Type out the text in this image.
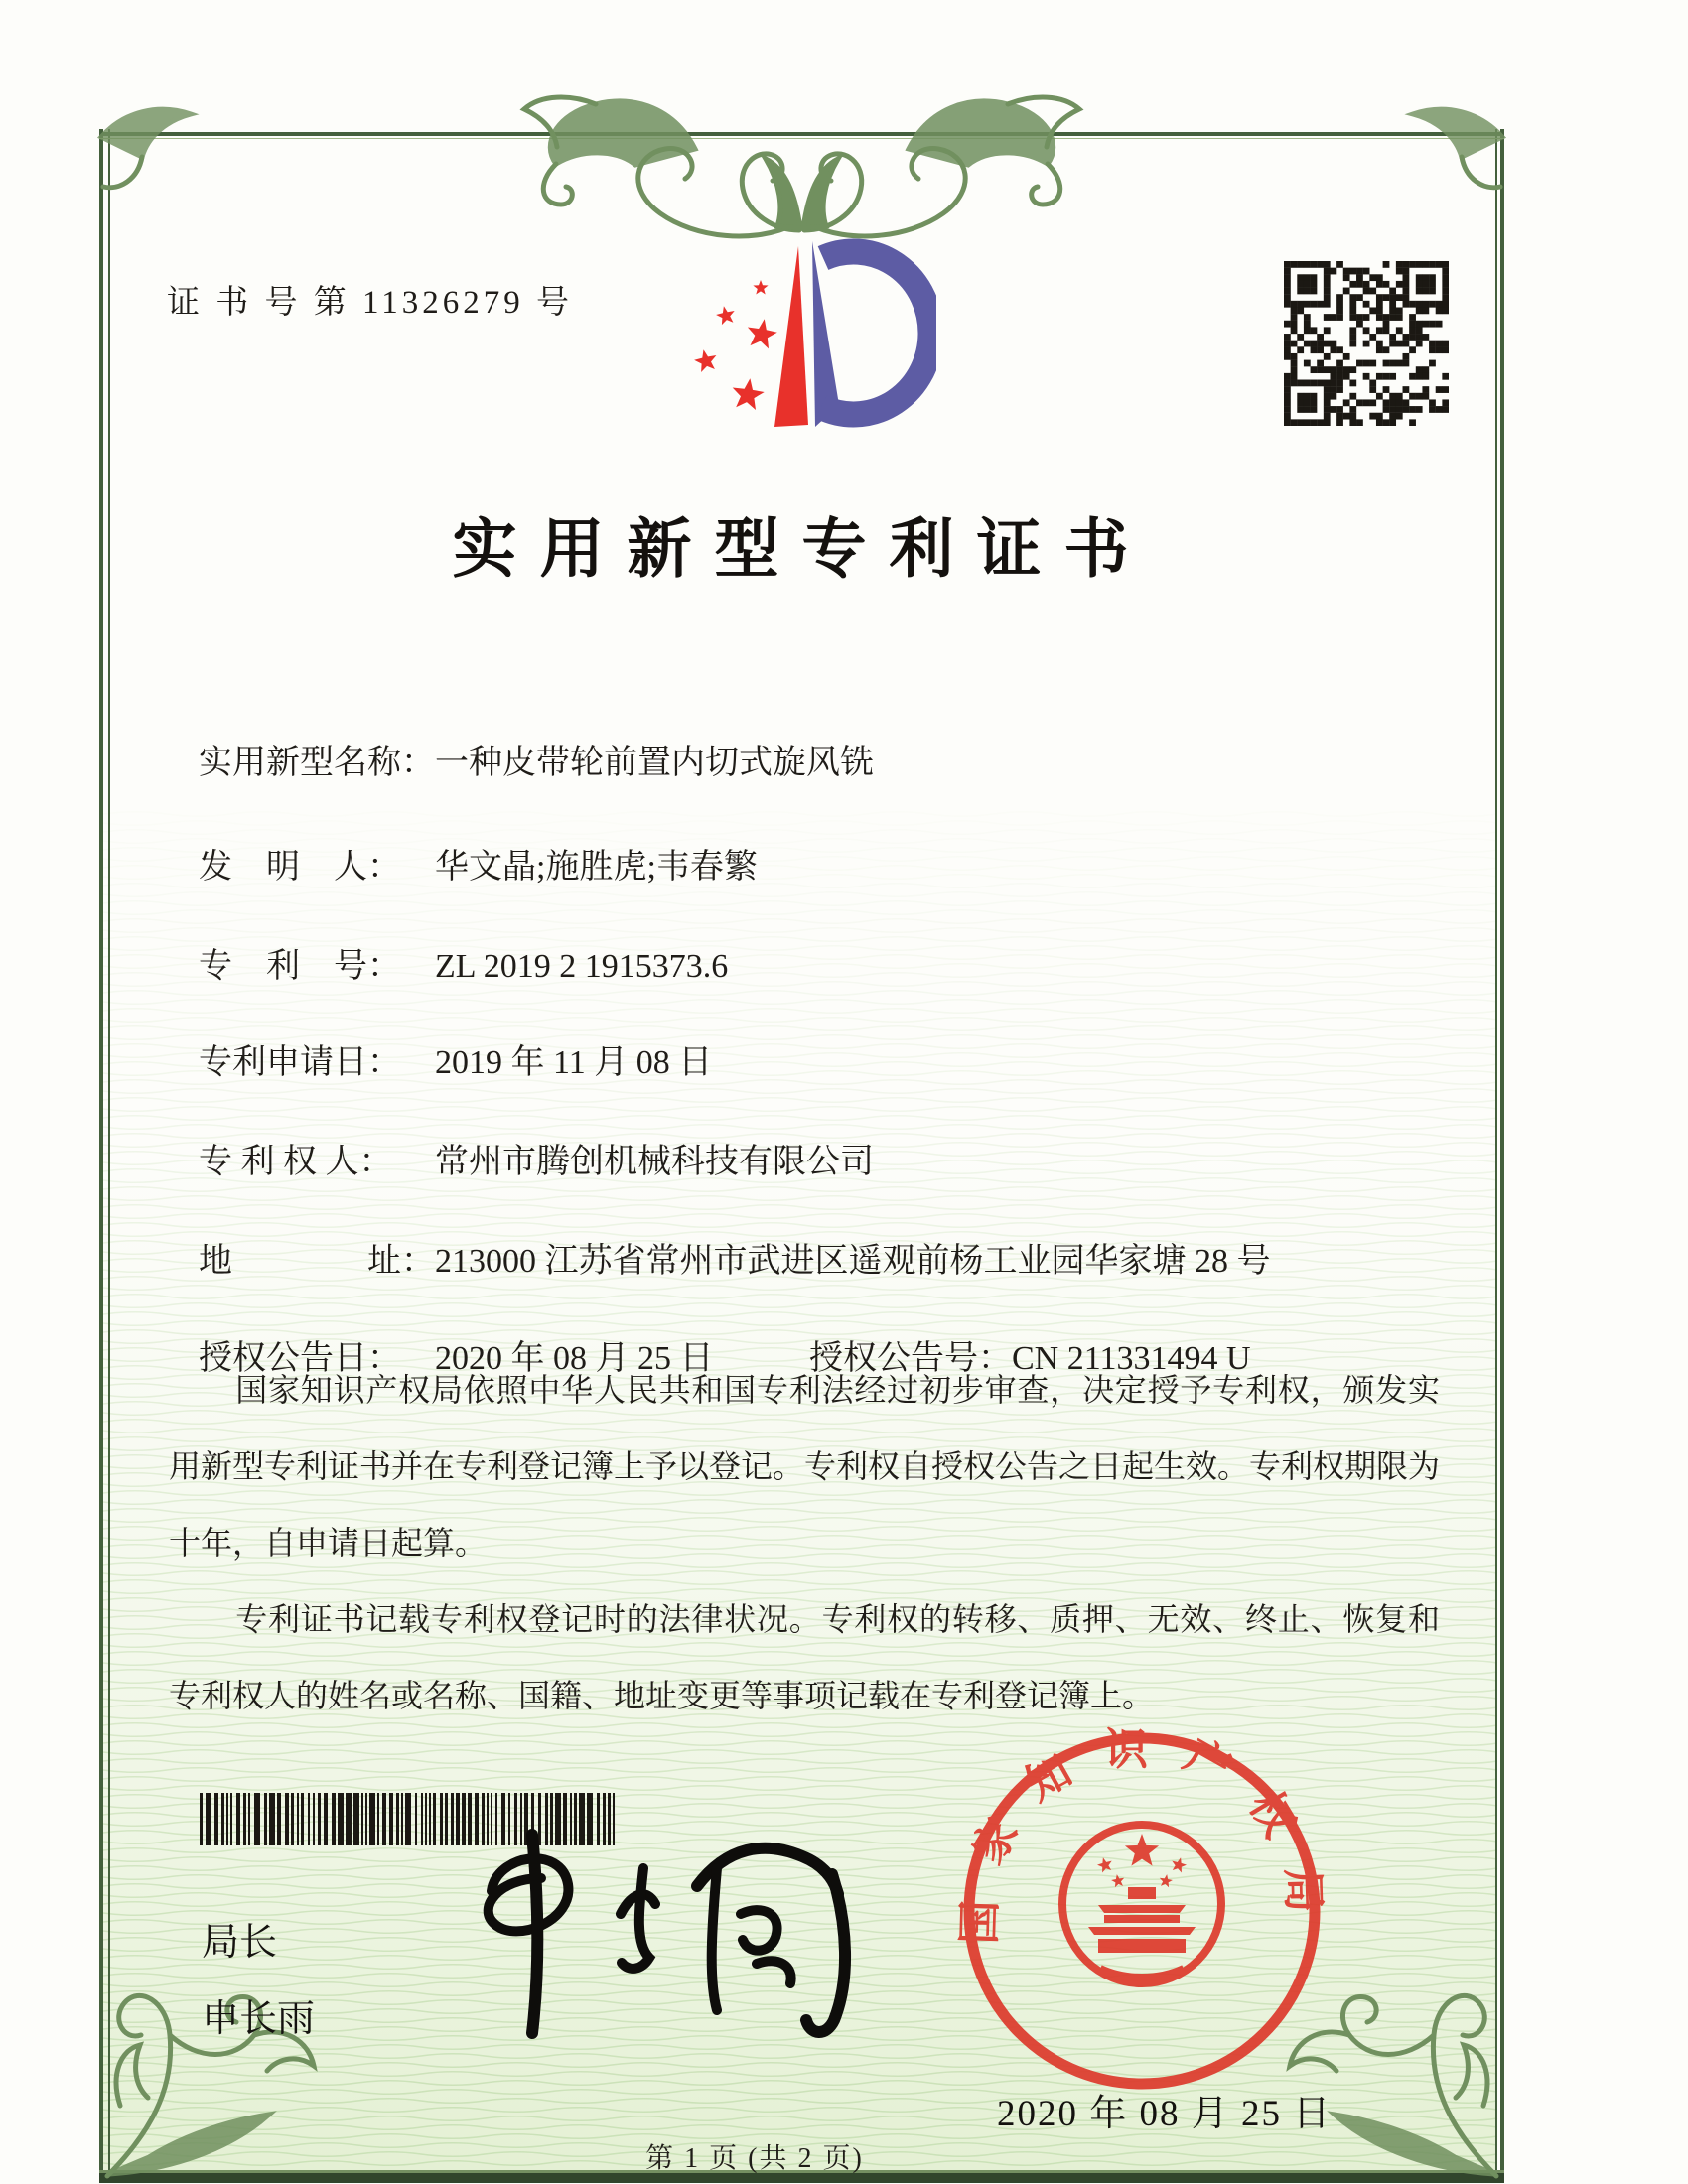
证 书 号 第 11326279 号
实用新型专利证书
实用新型名称：一种皮带轮前置内切式旋风铣
发　明　人： 华文晶;施胜虎;韦春繁
专　利　号： ZL 2019 2 1915373.6
专利申请日： 2019 年 11 月 08 日
专 利 权 人： 常州市腾创机械科技有限公司
地　　　　址：213000 江苏省常州市武进区遥观前杨工业园华家塘 28 号
授权公告日： 2020 年 08 月 25 日	授权公告号：CN 211331494 U

国家知识产权局依照中华人民共和国专利法经过初步审查，决定授予专利权，颁发实用新型专利证书并在专利登记簿上予以登记。专利权自授权公告之日起生效。专利权期限为十年，自申请日起算。

专利证书记载专利权登记时的法律状况。专利权的转移、质押、无效、终止、恢复和专利权人的姓名或名称、国籍、地址变更等事项记载在专利登记簿上。

局长
申长雨
国家知识产权局
2020 年 08 月 25 日
第 1 页 (共 2 页)
